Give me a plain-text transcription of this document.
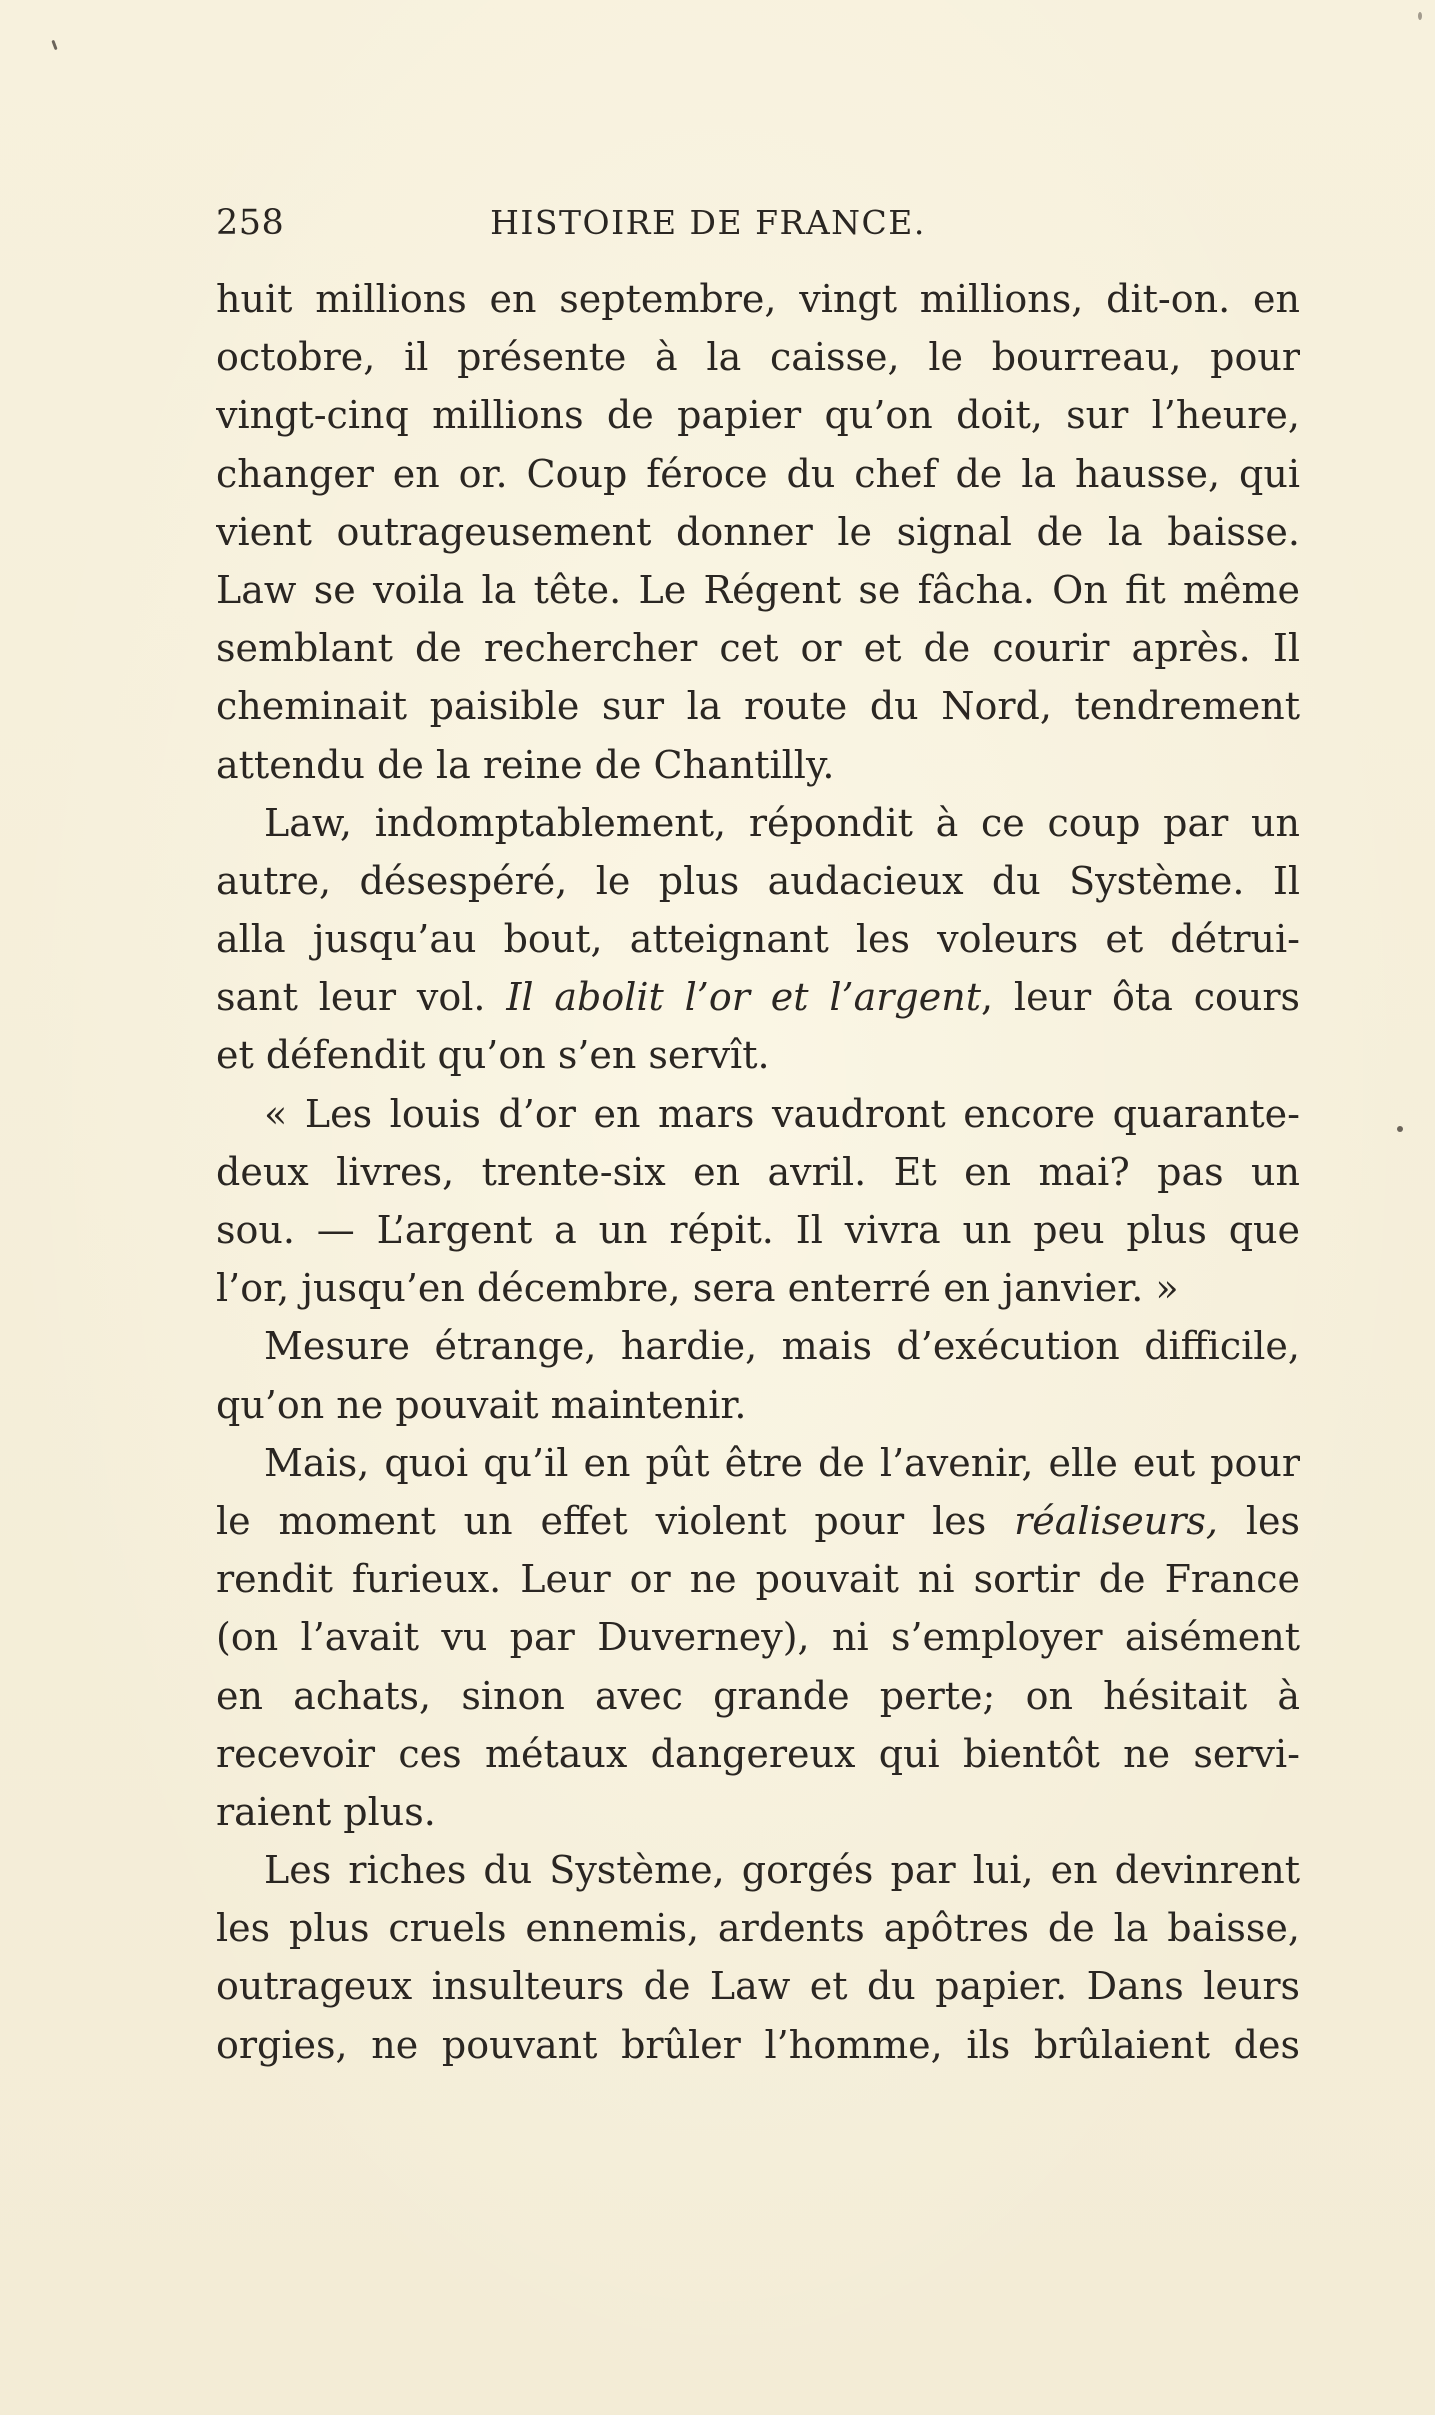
258	HISTOIRE DE FRANCE.
huit millions en septembre, vingt millions, dit-on. en
octobre, il présente à la caisse, le bourreau, pour
vingt-cinq millions de papier qu’on doit, sur l’heure,
changer en or. Coup féroce du chef de la hausse, qui
vient outrageusement donner le signal de la baisse.
Law se voila la tête. Le Régent se fâcha. On fit même
semblant de rechercher cet or et de courir après. Il
cheminait paisible sur la route du Nord, tendrement
attendu de la reine de Chantilly.
Law, indomptablement, répondit à ce coup par un
autre, désespéré, le plus audacieux du Système. Il
alla jusqu’au bout, atteignant les voleurs et détrui-
sant leur vol. Il abolit l’or et l’argent, leur ôta cours
et défendit qu’on s’en servît.
« Les louis d’or en mars vaudront encore quarante-
deux livres, trente-six en avril. Et en mai? pas un
sou. — L’argent a un répit. Il vivra un peu plus que
l’or, jusqu’en décembre, sera enterré en janvier. »
Mesure étrange, hardie, mais d’exécution difficile,
qu’on ne pouvait maintenir.
Mais, quoi qu’il en pût être de l’avenir, elle eut pour
le moment un effet violent pour les réaliseurs, les
rendit furieux. Leur or ne pouvait ni sortir de France
(on l’avait vu par Duverney), ni s’employer aisément
en achats, sinon avec grande perte; on hésitait à
recevoir ces métaux dangereux qui bientôt ne servi-
raient plus.
Les riches du Système, gorgés par lui, en devinrent
les plus cruels ennemis, ardents apôtres de la baisse,
outrageux insulteurs de Law et du papier. Dans leurs
orgies, ne pouvant brûler l’homme, ils brûlaient des
